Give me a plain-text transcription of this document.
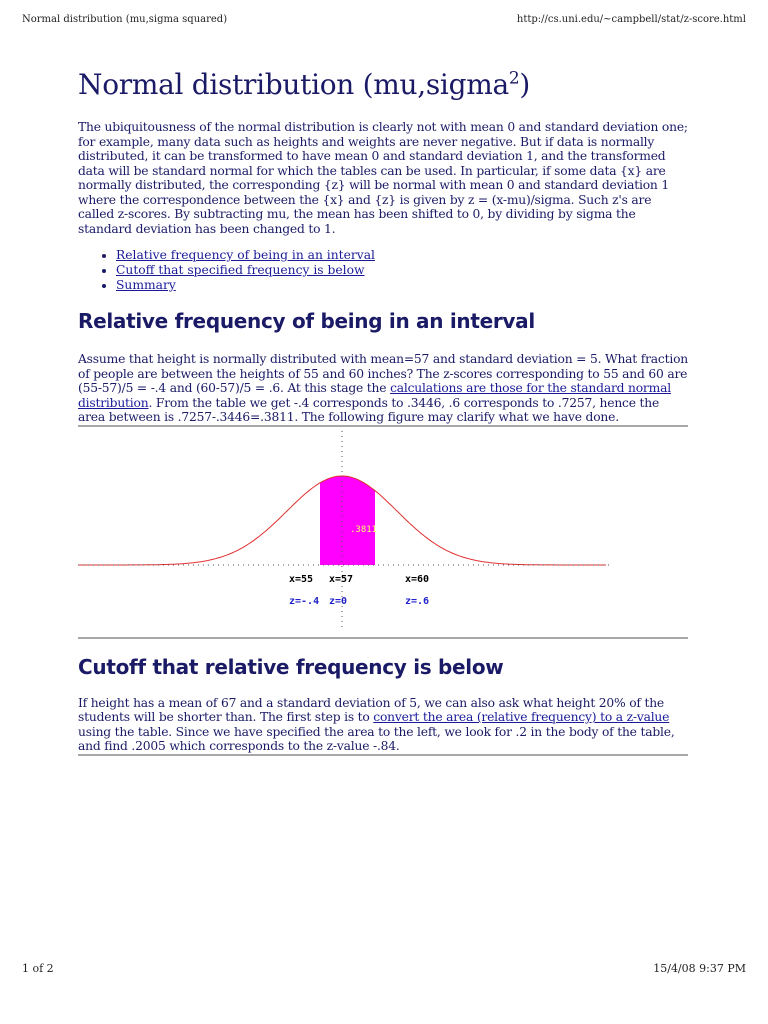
Normal distribution (mu,sigma squared)	http://cs.uni.edu/~campbell/stat/z-score.html
Normal distribution (mu,sigma$^2$)

The ubiquitousness of the normal distribution is clearly not with mean 0 and standard deviation one; for example, many data such as heights and weights are never negative. But if data is normally distributed, it can be transformed to have mean 0 and standard deviation 1, and the transformed data will be standard normal for which the tables can be used. In particular, if some data {x} are normally distributed, the corresponding {z} will be normal with mean 0 and standard deviation 1 where the correspondence between the {x} and {z} is given by z = (x-mu)/sigma. Such z's are called z-scores. By subtracting mu, the mean has been shifted to 0, by dividing by sigma the standard deviation has been changed to 1.

• Relative frequency of being in an interval
• Cutoff that specified frequency is below
• Summary
Relative frequency of being in an interval

Assume that height is normally distributed with mean=57 and standard deviation = 5. What fraction of people are between the heights of 55 and 60 inches? The z-scores corresponding to 55 and 60 are (55-57)/5 = -.4 and (60-57)/5 = .6. At this stage the calculations are those for the standard normal distribution. From the table we get -.4 corresponds to .3446, .6 corresponds to .7257, hence the area between is .7257-.3446=.3811. The following figure may clarify what we have done.

.3811
x=55 x=57	x=60
z=-.4 z=0	z=.6
Cutoff that relative frequency is below

If height has a mean of 67 and a standard deviation of 5, we can also ask what height 20% of the students will be shorter than. The first step is to convert the area (relative frequency) to a z-value using the table. Since we have specified the area to the left, we look for .2 in the body of the table, and find .2005 which corresponds to the z-value -.84.

1 of 2	15/4/08 9:37 PM
